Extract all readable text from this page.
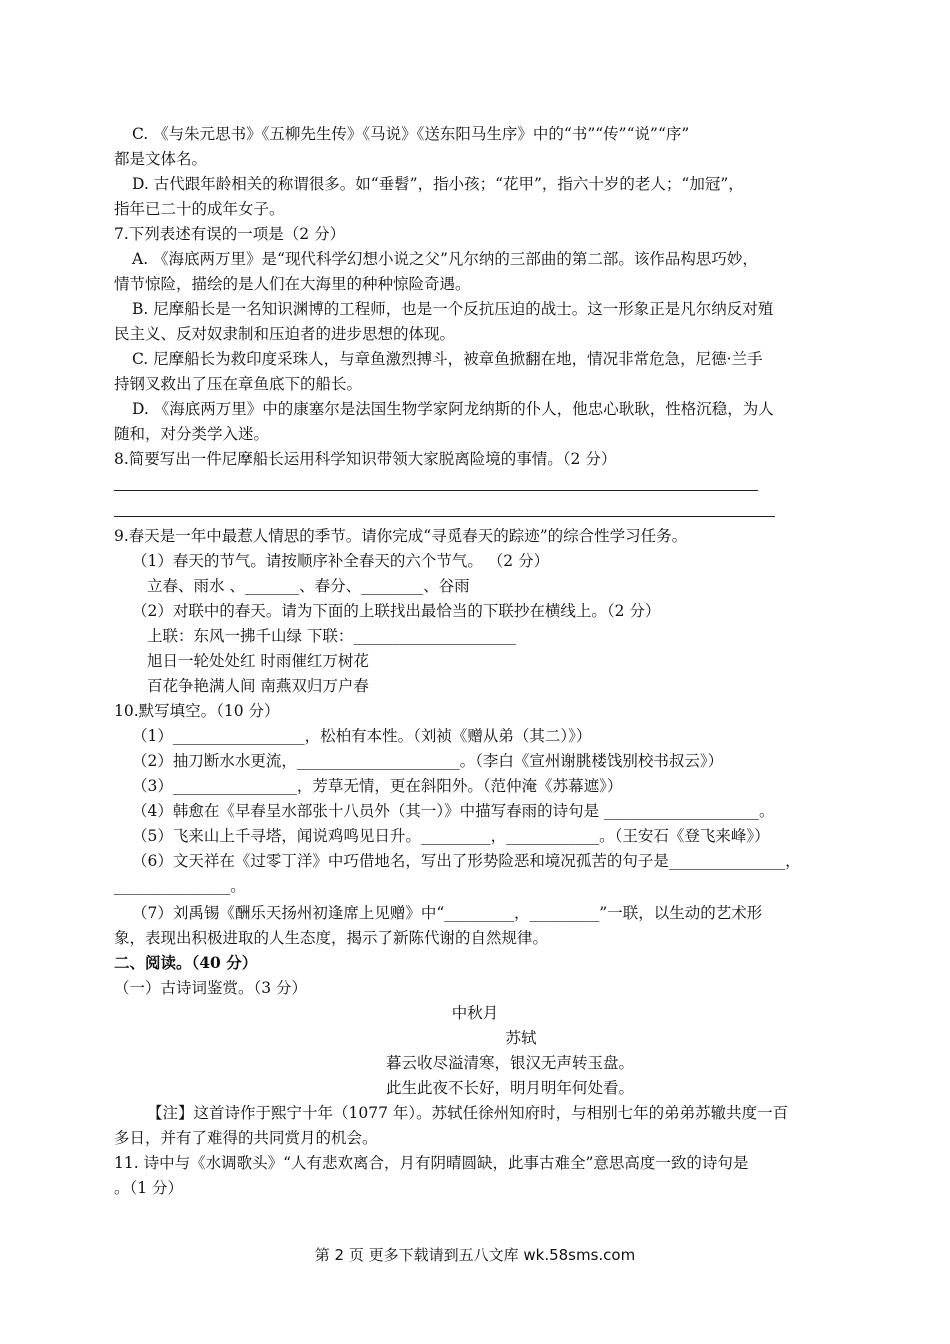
C. 《与朱元思书》《五柳先生传》《马说》《送东阳马生序》中的“书”“传”“说”“序”
都是文体名。
D. 古代跟年龄相关的称谓很多。如“垂髫”，指小孩；“花甲”，指六十岁的老人；“加冠”，
指年已二十的成年女子。
7.下列表述有误的一项是（2 分）
A. 《海底两万里》是“现代科学幻想小说之父”凡尔纳的三部曲的第二部。该作品构思巧妙，
情节惊险，描绘的是人们在大海里的种种惊险奇遇。
B. 尼摩船长是一名知识渊博的工程师，也是一个反抗压迫的战士。这一形象正是凡尔纳反对殖
民主义、反对奴隶制和压迫者的进步思想的体现。
C. 尼摩船长为救印度采珠人，与章鱼激烈搏斗，被章鱼掀翻在地，情况非常危急，尼德·兰手
持钢叉救出了压在章鱼底下的船长。
D. 《海底两万里》中的康塞尔是法国生物学家阿龙纳斯的仆人，他忠心耿耿，性格沉稳，为人
随和，对分类学入迷。
8.简要写出一件尼摩船长运用科学知识带领大家脱离险境的事情。（2 分）
9.春天是一年中最惹人情思的季节。请你完成“寻觅春天的踪迹”的综合性学习任务。
（1）春天的节气。请按顺序补全春天的六个节气。 （2 分）
立春、雨水 、_______、春分、________、谷雨
（2）对联中的春天。请为下面的上联找出最恰当的下联抄在横线上。（2 分）
上联：东风一拂千山绿 下联：_____________________
旭日一轮处处红 时雨催红万树花
百花争艳满人间 南燕双归万户春
10.默写填空。（10 分）
（1）_________________，松柏有本性。（刘祯《赠从弟（其二）》）
（2）抽刀断水水更流，_____________________。（李白《宣州谢朓楼饯别校书叔云》）
（3）________________，芳草无情，更在斜阳外。（范仲淹《苏幕遮》）
（4）韩愈在《早春呈水部张十八员外（其一）》中描写春雨的诗句是 ____________________。
（5）飞来山上千寻塔，闻说鸡鸣见日升。_________，____________。（王安石《登飞来峰》）
（6）文天祥在《过零丁洋》中巧借地名，写出了形势险恶和境况孤苦的句子是_______________，
_______________。
（7）刘禹锡《酬乐天扬州初逢席上见赠》中“_________，_________”一联，以生动的艺术形
象，表现出积极进取的人生态度，揭示了新陈代谢的自然规律。
二、阅读。（40 分）
（一）古诗词鉴赏。（3 分）
中秋月
苏轼
暮云收尽溢清寒，银汉无声转玉盘。
此生此夜不长好，明月明年何处看。
【注】这首诗作于熙宁十年（1077 年）。苏轼任徐州知府时，与相别七年的弟弟苏辙共度一百
多日，并有了难得的共同赏月的机会。
11. 诗中与《水调歌头》“人有悲欢离合，月有阴晴圆缺，此事古难全”意思高度一致的诗句是
。（1 分）
第 2 页 更多下载请到五八文库 wk.58sms.com
